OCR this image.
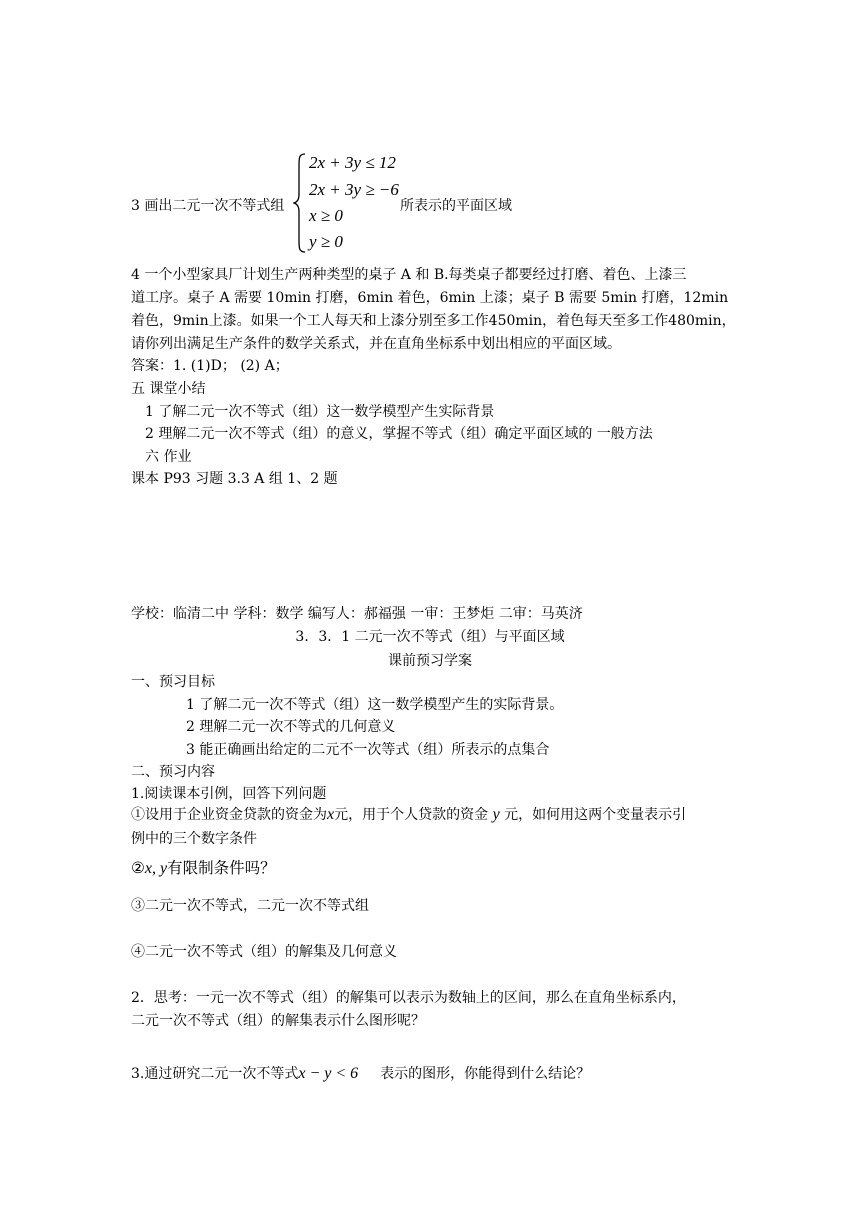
3 画出二元一次不等式组
2x + 3y ≤ 12
2x + 3y ≥ −6
x ≥ 0
y ≥ 0
所表示的平面区域
4 一个小型家具厂计划生产两种类型的桌子 A 和 B.每类桌子都要经过打磨、着色、上漆三
道工序。桌子 A 需要 10min 打磨，6min 着色，6min 上漆；桌子 B 需要 5min 打磨，12min
着色，9min上漆。如果一个工人每天和上漆分别至多工作450min，着色每天至多工作480min，
请你列出满足生产条件的数学关系式，并在直角坐标系中划出相应的平面区域。
答案：1. (1)D； (2) A；
五 课堂小结
1 了解二元一次不等式（组）这一数学模型产生实际背景
2 理解二元一次不等式（组）的意义，掌握不等式（组）确定平面区域的 一般方法
六 作业
课本 P93 习题 3.3 A 组 1、2 题
学校：临清二中 学科：数学 编写人：郝福强 一审：王梦炬 二审：马英济
3．3．1 二元一次不等式（组）与平面区域
课前预习学案
一、预习目标
1 了解二元一次不等式（组）这一数学模型产生的实际背景。
2 理解二元一次不等式的几何意义
3 能正确画出给定的二元不一次等式（组）所表示的点集合
二、预习内容
1.阅读课本引例，回答下列问题
①设用于企业资金贷款的资金为x元，用于个人贷款的资金 y 元，如何用这两个变量表示引
例中的三个数字条件
②x, y有限制条件吗？
③二元一次不等式，二元一次不等式组
④二元一次不等式（组）的解集及几何意义
2．思考：一元一次不等式（组）的解集可以表示为数轴上的区间，那么在直角坐标系内，
二元一次不等式（组）的解集表示什么图形呢？
3.通过研究二元一次不等式x − y < 6 表示的图形，你能得到什么结论？
